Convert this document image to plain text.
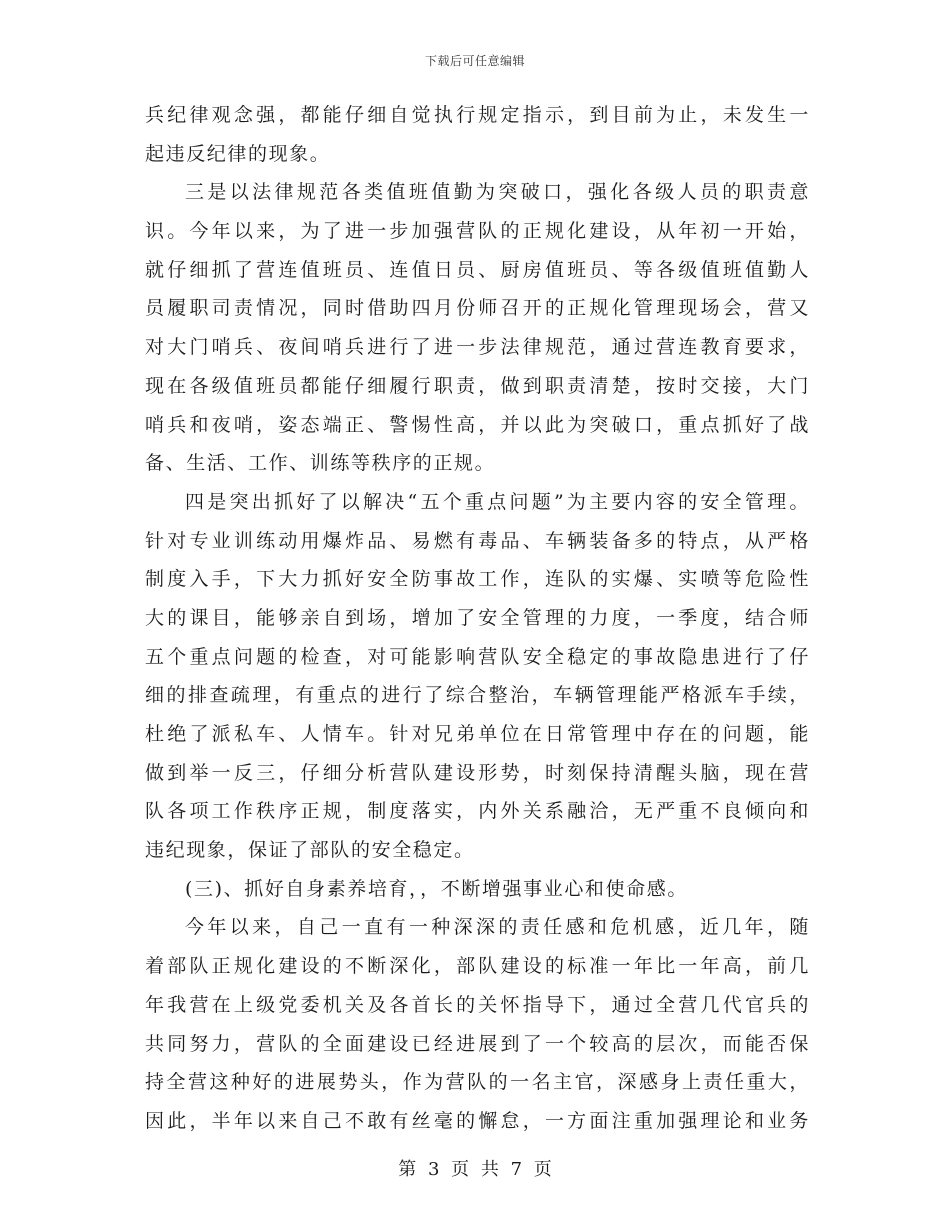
下载后可任意编辑
兵纪律观念强，都能仔细自觉执行规定指示，到目前为止，未发生一
起违反纪律的现象。
三是以法律规范各类值班值勤为突破口，强化各级人员的职责意
识。今年以来，为了进一步加强营队的正规化建设，从年初一开始，
就仔细抓了营连值班员、连值日员、厨房值班员、等各级值班值勤人
员履职司责情况，同时借助四月份师召开的正规化管理现场会，营又
对大门哨兵、夜间哨兵进行了进一步法律规范，通过营连教育要求，
现在各级值班员都能仔细履行职责，做到职责清楚，按时交接，大门
哨兵和夜哨，姿态端正、警惕性高，并以此为突破口，重点抓好了战
备、生活、工作、训练等秩序的正规。
四是突出抓好了以解决“五个重点问题”为主要内容的安全管理。
针对专业训练动用爆炸品、易燃有毒品、车辆装备多的特点，从严格
制度入手，下大力抓好安全防事故工作，连队的实爆、实喷等危险性
大的课目，能够亲自到场，增加了安全管理的力度，一季度，结合师
五个重点问题的检查，对可能影响营队安全稳定的事故隐患进行了仔
细的排查疏理，有重点的进行了综合整治，车辆管理能严格派车手续，
杜绝了派私车、人情车。针对兄弟单位在日常管理中存在的问题，能
做到举一反三，仔细分析营队建设形势，时刻保持清醒头脑，现在营
队各项工作秩序正规，制度落实，内外关系融洽，无严重不良倾向和
违纪现象，保证了部队的安全稳定。
(三)、抓好自身素养培育，，不断增强事业心和使命感。
今年以来，自己一直有一种深深的责任感和危机感，近几年，随
着部队正规化建设的不断深化，部队建设的标准一年比一年高，前几
年我营在上级党委机关及各首长的关怀指导下，通过全营几代官兵的
共同努力，营队的全面建设已经进展到了一个较高的层次，而能否保
持全营这种好的进展势头，作为营队的一名主官，深感身上责任重大，
因此，半年以来自己不敢有丝毫的懈怠，一方面注重加强理论和业务
第 3 页 共 7 页
